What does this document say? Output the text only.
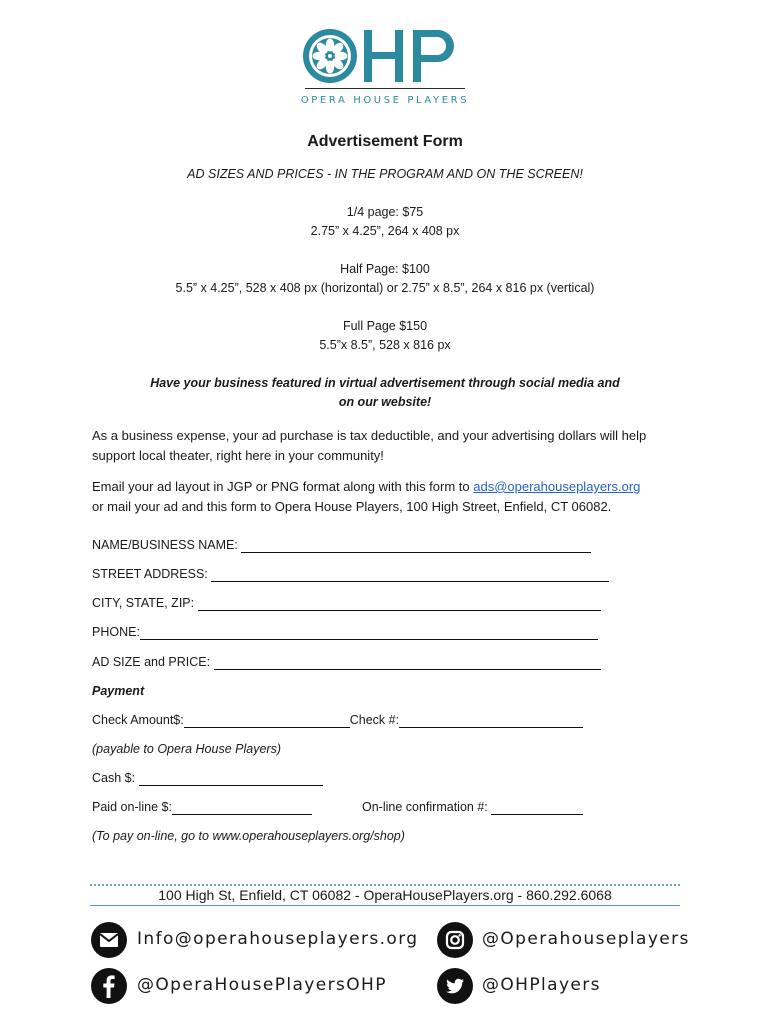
OPERA HOUSE PLAYERS
Advertisement Form
AD SIZES AND PRICES - IN THE PROGRAM AND ON THE SCREEN!
1/4 page: $75
2.75” x 4.25”, 264 x 408 px
Half Page: $100
5.5” x 4.25”, 528 x 408 px (horizontal) or 2.75” x 8.5”, 264 x 816 px (vertical)
Full Page $150
5.5”x 8.5”, 528 x 816 px
Have your business featured in virtual advertisement through social media and
on our website!
As a business expense, your ad purchase is tax deductible, and your advertising dollars will help
support local theater, right here in your community!
Email your ad layout in JGP or PNG format along with this form to ads@operahouseplayers.org
or mail your ad and this form to Opera House Players, 100 High Street, Enfield, CT 06082.
NAME/BUSINESS NAME:
STREET ADDRESS:
CITY, STATE, ZIP:
PHONE:
AD SIZE and PRICE:
Payment
Check Amount$:	Check #:
(payable to Opera House Players)
Cash $:
Paid on-line $:	On-line confirmation #:
(To pay on-line, go to www.operahouseplayers.org/shop)
100 High St, Enfield, CT 06082 - OperaHousePlayers.org - 860.292.6068
Info@operahouseplayers.org	@Operahouseplayers
@OperaHousePlayersOHP	@OHPlayers
